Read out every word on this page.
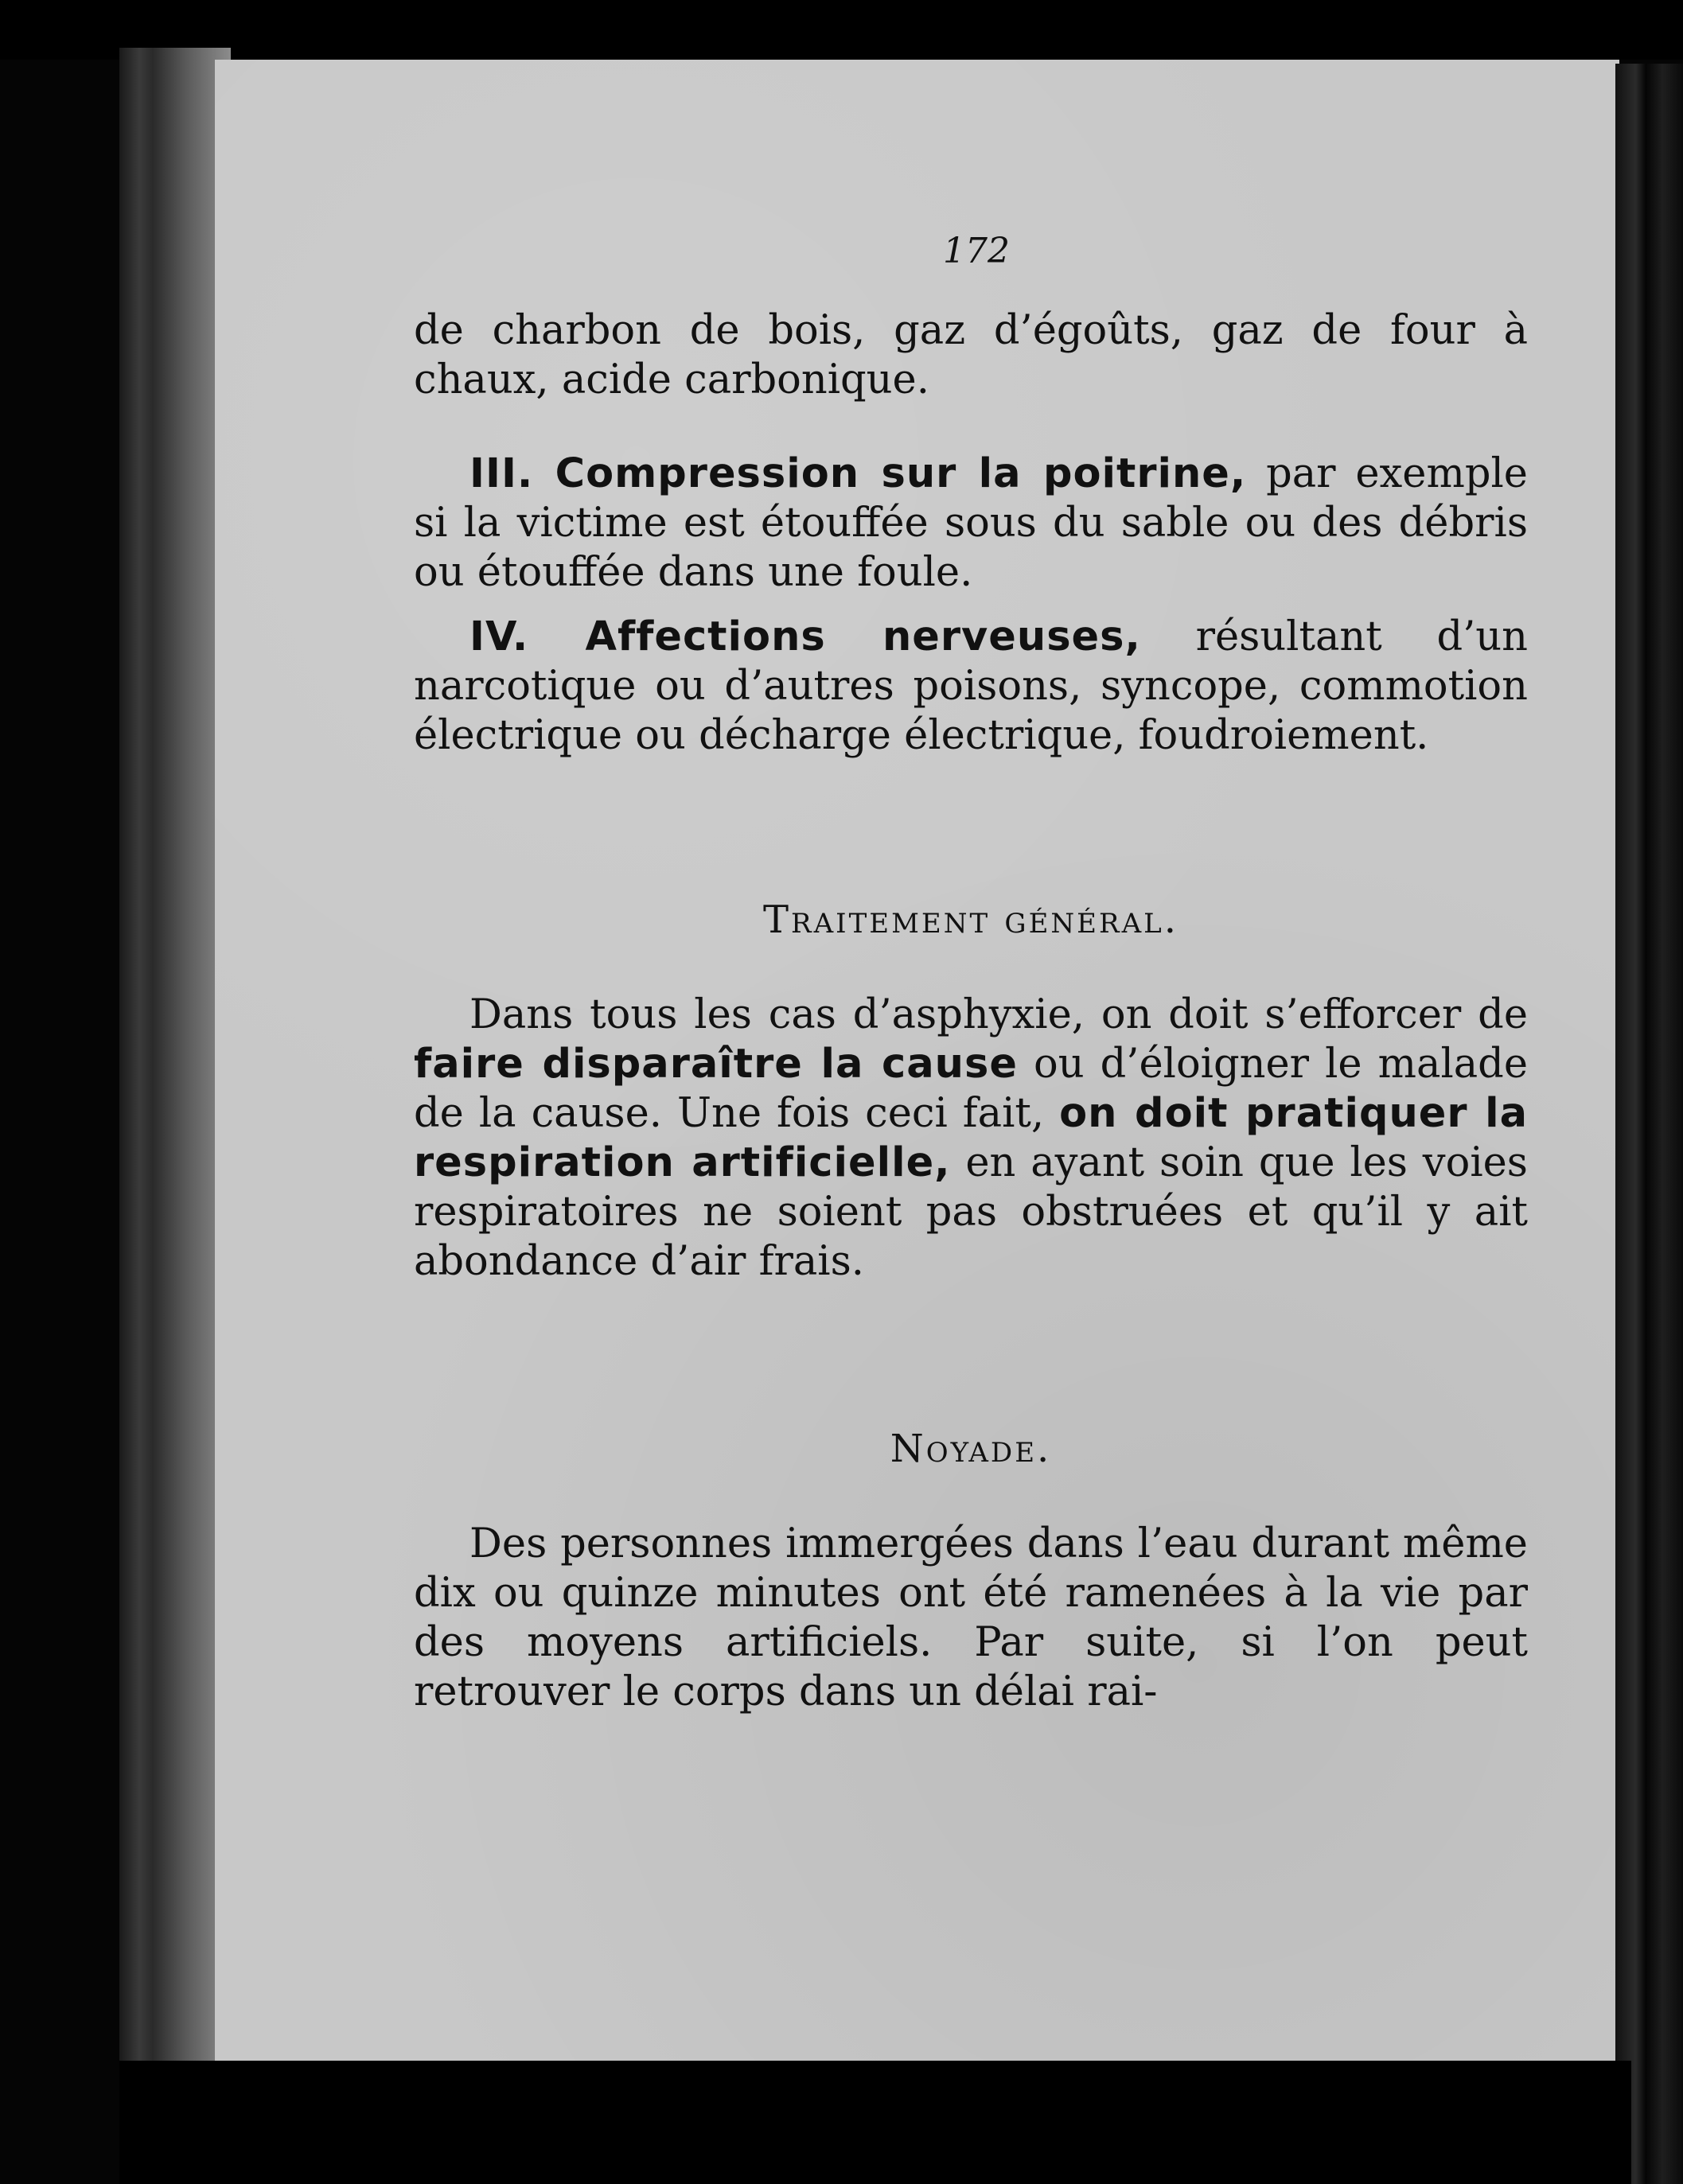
172

de charbon de bois, gaz d’égoûts, gaz de four à chaux, acide carbonique.

III. Compression sur la poitrine, par exemple si la victime est étouffée sous du sable ou des débris ou étouffée dans une foule.

IV. Affections nerveuses, résultant d’un narcotique ou d’autres poisons, syncope, commotion électrique ou décharge électrique, foudroiement.

Traitement général.

Dans tous les cas d’asphyxie, on doit s’efforcer de faire disparaître la cause ou d’éloigner le malade de la cause. Une fois ceci fait, on doit pratiquer la respiration artificielle, en ayant soin que les voies respiratoires ne soient pas obstruées et qu’il y ait abondance d’air frais.

Noyade.

Des personnes immergées dans l’eau durant même dix ou quinze minutes ont été ramenées à la vie par des moyens artificiels. Par suite, si l’on peut retrouver le corps dans un délai rai-
